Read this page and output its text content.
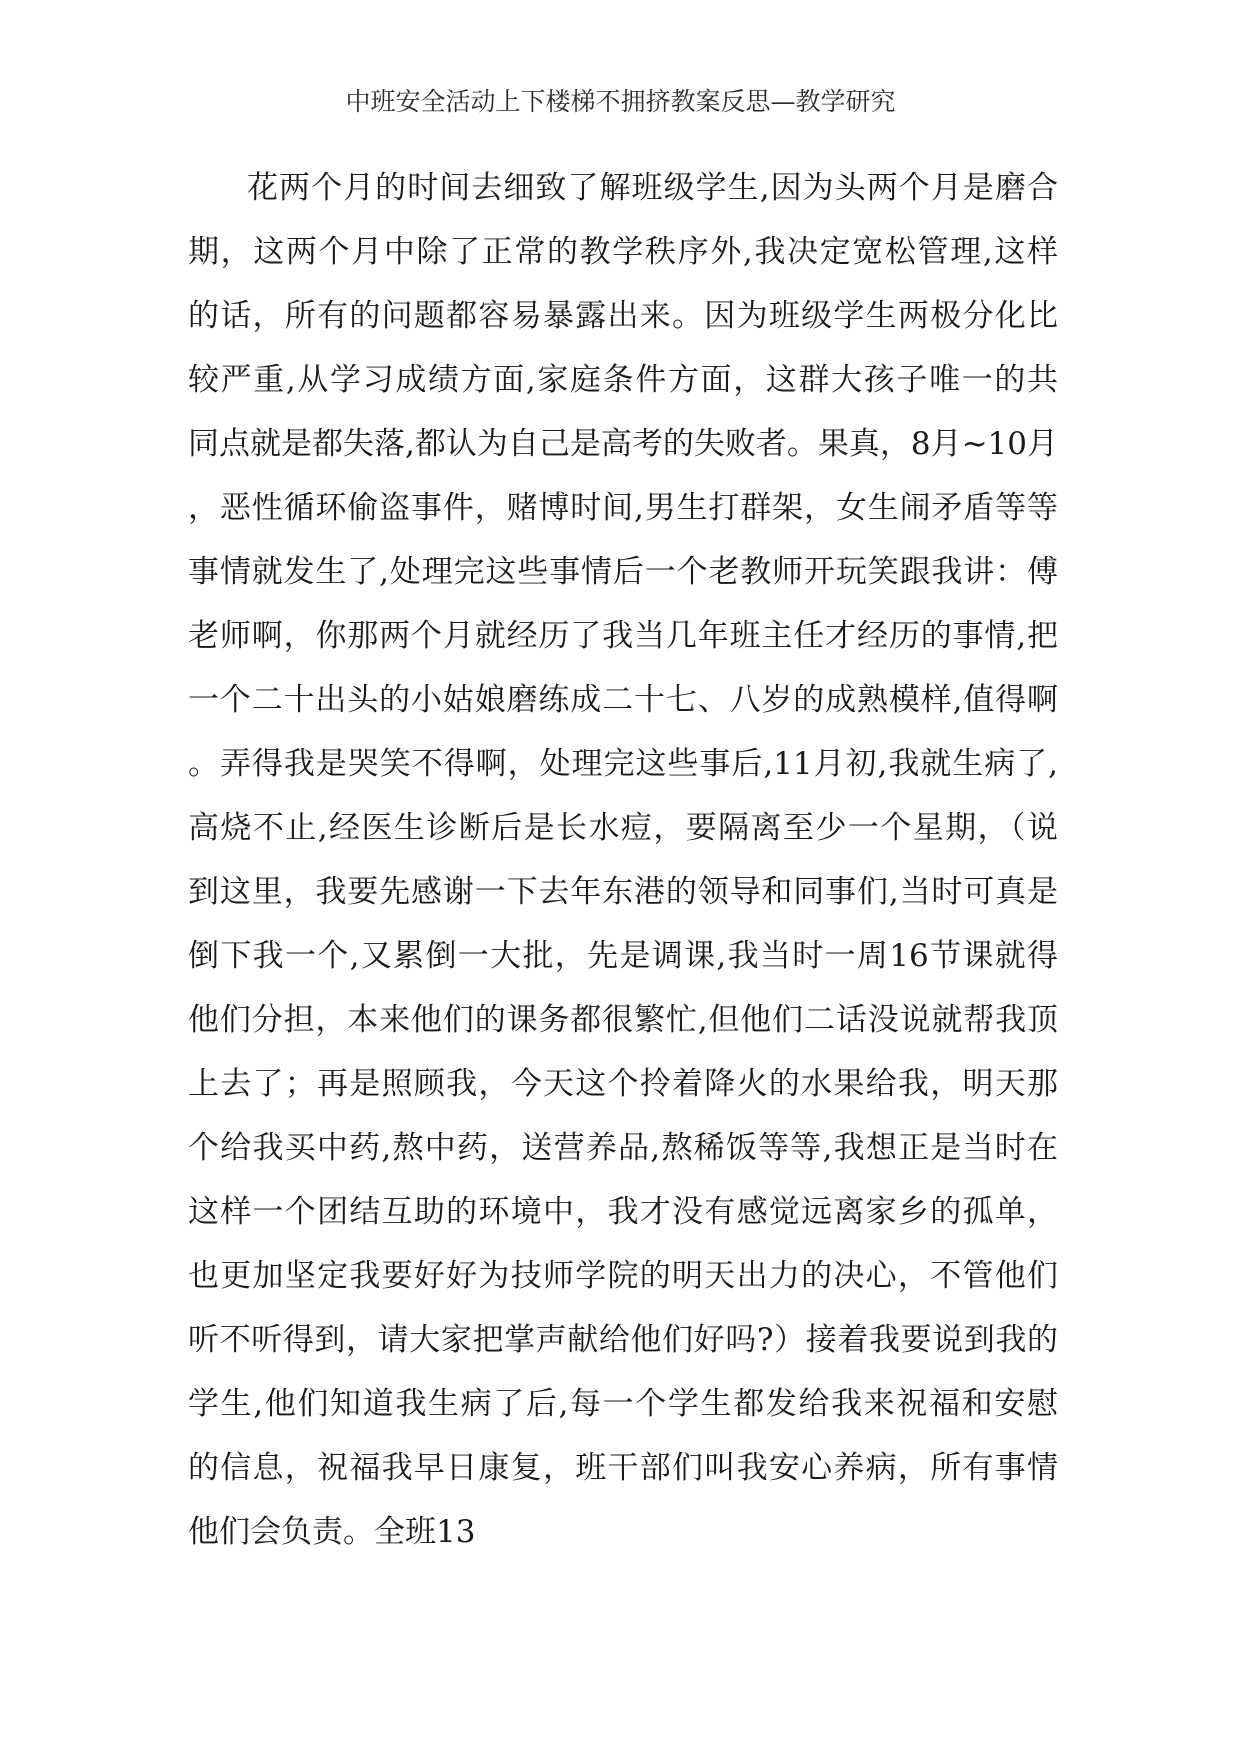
中班安全活动上下楼梯不拥挤教案反思—教学研究
花两个月的时间去细致了解班级学生,因为头两个月是磨合
期，这两个月中除了正常的教学秩序外,我决定宽松管理,这样
的话，所有的问题都容易暴露出来。因为班级学生两极分化比
较严重,从学习成绩方面,家庭条件方面，这群大孩子唯一的共
同点就是都失落,都认为自己是高考的失败者。果真，8月~10月
，恶性循环偷盗事件，赌博时间,男生打群架，女生闹矛盾等等
事情就发生了,处理完这些事情后一个老教师开玩笑跟我讲：傅
老师啊，你那两个月就经历了我当几年班主任才经历的事情,把
一个二十出头的小姑娘磨练成二十七、八岁的成熟模样,值得啊
。弄得我是哭笑不得啊，处理完这些事后,11月初,我就生病了,
高烧不止,经医生诊断后是长水痘，要隔离至少一个星期，（说
到这里，我要先感谢一下去年东港的领导和同事们,当时可真是
倒下我一个,又累倒一大批，先是调课,我当时一周16节课就得
他们分担，本来他们的课务都很繁忙,但他们二话没说就帮我顶
上去了；再是照顾我，今天这个拎着降火的水果给我，明天那
个给我买中药,熬中药，送营养品,熬稀饭等等,我想正是当时在
这样一个团结互助的环境中，我才没有感觉远离家乡的孤单，
也更加坚定我要好好为技师学院的明天出力的决心，不管他们
听不听得到，请大家把掌声献给他们好吗?）接着我要说到我的
学生,他们知道我生病了后,每一个学生都发给我来祝福和安慰
的信息，祝福我早日康复，班干部们叫我安心养病，所有事情
他们会负责。全班13
